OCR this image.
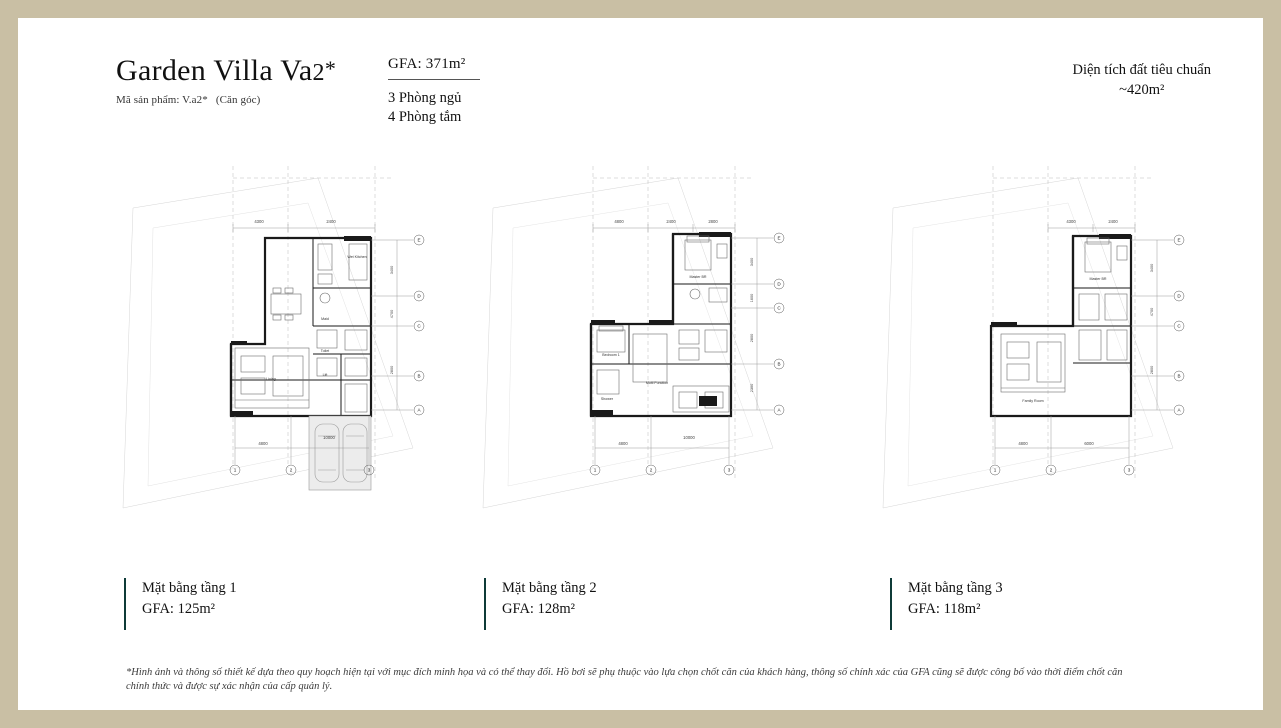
Garden Villa Va2*
Mã sản phẩm: V.a2* (Căn góc)
GFA: 371m²
3 Phòng ngủ
4 Phòng tắm
Diện tích đất tiêu chuẩn
~420m²
4300	2400
Wet Kitchen
Maid
Toilet
Lift
Living
E
D
C
B
A
3400
4700
2800
4800
10000
1	2	3
4800	2400	2800
Master BR
Bedroom 1
Shower
Multi Function
E
D
C
B
A
3400
1600
2800
2300
4800
10000
1	2	3
4300	2400
Master BR
Family Room
E
D
C
B
A
3400
4700
2800
4800	6000
1	2	3
Mặt bằng tầng 1
GFA: 125m²
Mặt bằng tầng 2
GFA: 128m²
Mặt bằng tầng 3
GFA: 118m²
*Hình ảnh và thông số thiết kế dựa theo quy hoạch hiện tại với mục đích minh họa và có thể thay đổi. Hồ bơi sẽ phụ thuộc vào lựa chọn chốt căn của khách hàng, thông số chính xác của GFA cũng sẽ được công bố vào thời điểm chốt căn chính thức và được sự xác nhận của cấp quản lý.
